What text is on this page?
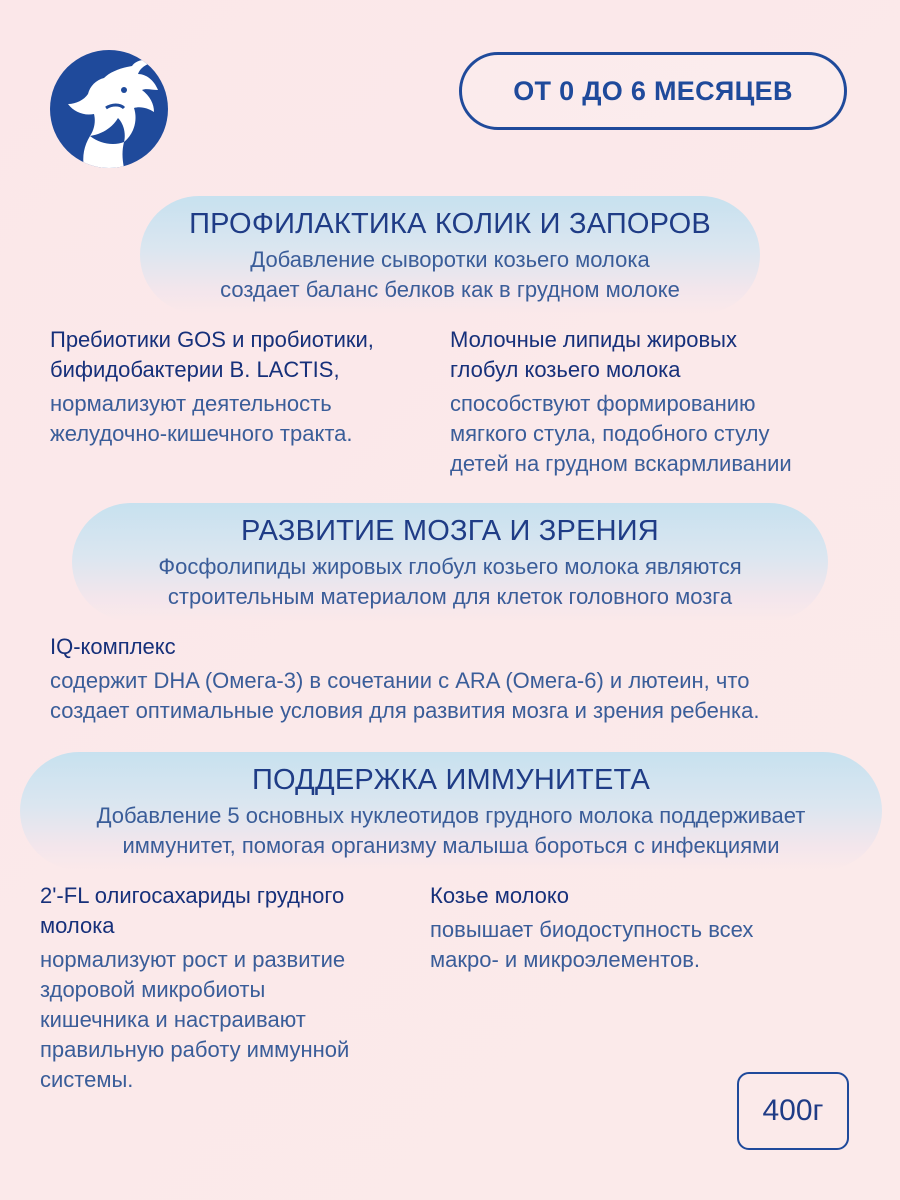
ОТ 0 ДО 6 МЕСЯЦЕВ
ПРОФИЛАКТИКА КОЛИК И ЗАПОРОВ
Добавление сыворотки козьего молока
создает баланс белков как в грудном молоке
Пребиотики GOS и пробиотики,
бифидобактерии B. LACTIS,
нормализуют деятельность
желудочно-кишечного тракта.
Молочные липиды жировых
глобул козьего молока
способствуют формированию
мягкого стула, подобного стулу
детей на грудном вскармливании
РАЗВИТИЕ МОЗГА И ЗРЕНИЯ
Фосфолипиды жировых глобул козьего молока являются
строительным материалом для клеток головного мозга
IQ-комплекс
содержит DHA (Омега-3) в сочетании с ARA (Омега-6) и лютеин, что
создает оптимальные условия для развития мозга и зрения ребенка.
ПОДДЕРЖКА ИММУНИТЕТА
Добавление 5 основных нуклеотидов грудного молока поддерживает
иммунитет, помогая организму малыша бороться с инфекциями
2'-FL олигосахариды грудного
молока
нормализуют рост и развитие
здоровой микробиоты
кишечника и настраивают
правильную работу иммунной
системы.
Козье молоко
повышает биодоступность всех
макро- и микроэлементов.
400г
